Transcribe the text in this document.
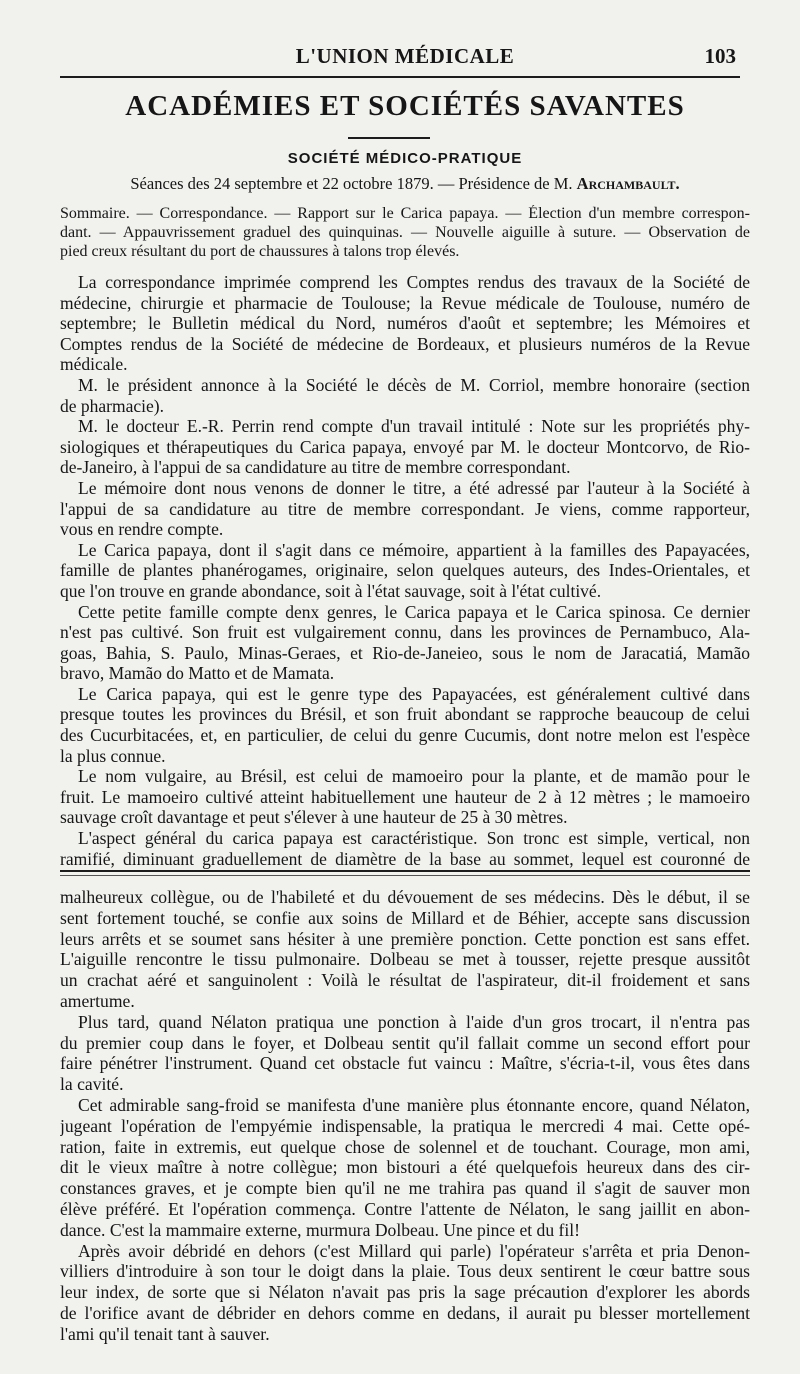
L'UNION MÉDICALE	103
ACADÉMIES ET SOCIÉTÉS SAVANTES
SOCIÉTÉ MÉDICO-PRATIQUE
Séances des 24 septembre et 22 octobre 1879. — Présidence de M. Archambault.
Sommaire. — Correspondance. — Rapport sur le Carica papaya. — Élection d'un membre correspon-
dant. — Appauvrissement graduel des quinquinas. — Nouvelle aiguille à suture. — Observation de
pied creux résultant du port de chaussures à talons trop élevés.
La correspondance imprimée comprend les Comptes rendus des travaux de la Société de
médecine, chirurgie et pharmacie de Toulouse; la Revue médicale de Toulouse, numéro de
septembre; le Bulletin médical du Nord, numéros d'août et septembre; les Mémoires et
Comptes rendus de la Société de médecine de Bordeaux, et plusieurs numéros de la Revue
médicale.
M. le président annonce à la Société le décès de M. Corriol, membre honoraire (section
de pharmacie).
M. le docteur E.-R. Perrin rend compte d'un travail intitulé : Note sur les propriétés phy-
siologiques et thérapeutiques du Carica papaya, envoyé par M. le docteur Montcorvo, de Rio-
de-Janeiro, à l'appui de sa candidature au titre de membre correspondant.
Le mémoire dont nous venons de donner le titre, a été adressé par l'auteur à la Société à
l'appui de sa candidature au titre de membre correspondant. Je viens, comme rapporteur,
vous en rendre compte.
Le Carica papaya, dont il s'agit dans ce mémoire, appartient à la familles des Papayacées,
famille de plantes phanérogames, originaire, selon quelques auteurs, des Indes-Orientales, et
que l'on trouve en grande abondance, soit à l'état sauvage, soit à l'état cultivé.
Cette petite famille compte denx genres, le Carica papaya et le Carica spinosa. Ce dernier
n'est pas cultivé. Son fruit est vulgairement connu, dans les provinces de Pernambuco, Ala-
goas, Bahia, S. Paulo, Minas-Geraes, et Rio-de-Janeieo, sous le nom de Jaracatiá, Mamão
bravo, Mamão do Matto et de Mamata.
Le Carica papaya, qui est le genre type des Papayacées, est généralement cultivé dans
presque toutes les provinces du Brésil, et son fruit abondant se rapproche beaucoup de celui
des Cucurbitacées, et, en particulier, de celui du genre Cucumis, dont notre melon est l'espèce
la plus connue.
Le nom vulgaire, au Brésil, est celui de mamoeiro pour la plante, et de mamão pour le
fruit. Le mamoeiro cultivé atteint habituellement une hauteur de 2 à 12 mètres ; le mamoeiro
sauvage croît davantage et peut s'élever à une hauteur de 25 à 30 mètres.
L'aspect général du carica papaya est caractéristique. Son tronc est simple, vertical, non
ramifié, diminuant graduellement de diamètre de la base au sommet, lequel est couronné de
malheureux collègue, ou de l'habileté et du dévouement de ses médecins. Dès le début, il se
sent fortement touché, se confie aux soins de Millard et de Béhier, accepte sans discussion
leurs arrêts et se soumet sans hésiter à une première ponction. Cette ponction est sans effet.
L'aiguille rencontre le tissu pulmonaire. Dolbeau se met à tousser, rejette presque aussitôt
un crachat aéré et sanguinolent : Voilà le résultat de l'aspirateur, dit-il froidement et sans
amertume.
Plus tard, quand Nélaton pratiqua une ponction à l'aide d'un gros trocart, il n'entra pas
du premier coup dans le foyer, et Dolbeau sentit qu'il fallait comme un second effort pour
faire pénétrer l'instrument. Quand cet obstacle fut vaincu : Maître, s'écria-t-il, vous êtes dans
la cavité.
Cet admirable sang-froid se manifesta d'une manière plus étonnante encore, quand Nélaton,
jugeant l'opération de l'empyémie indispensable, la pratiqua le mercredi 4 mai. Cette opé-
ration, faite in extremis, eut quelque chose de solennel et de touchant. Courage, mon ami,
dit le vieux maître à notre collègue; mon bistouri a été quelquefois heureux dans des cir-
constances graves, et je compte bien qu'il ne me trahira pas quand il s'agit de sauver mon
élève préféré. Et l'opération commença. Contre l'attente de Nélaton, le sang jaillit en abon-
dance. C'est la mammaire externe, murmura Dolbeau. Une pince et du fil!
Après avoir débridé en dehors (c'est Millard qui parle) l'opérateur s'arrêta et pria Denon-
villiers d'introduire à son tour le doigt dans la plaie. Tous deux sentirent le cœur battre sous
leur index, de sorte que si Nélaton n'avait pas pris la sage précaution d'explorer les abords
de l'orifice avant de débrider en dehors comme en dedans, il aurait pu blesser mortellement
l'ami qu'il tenait tant à sauver.
